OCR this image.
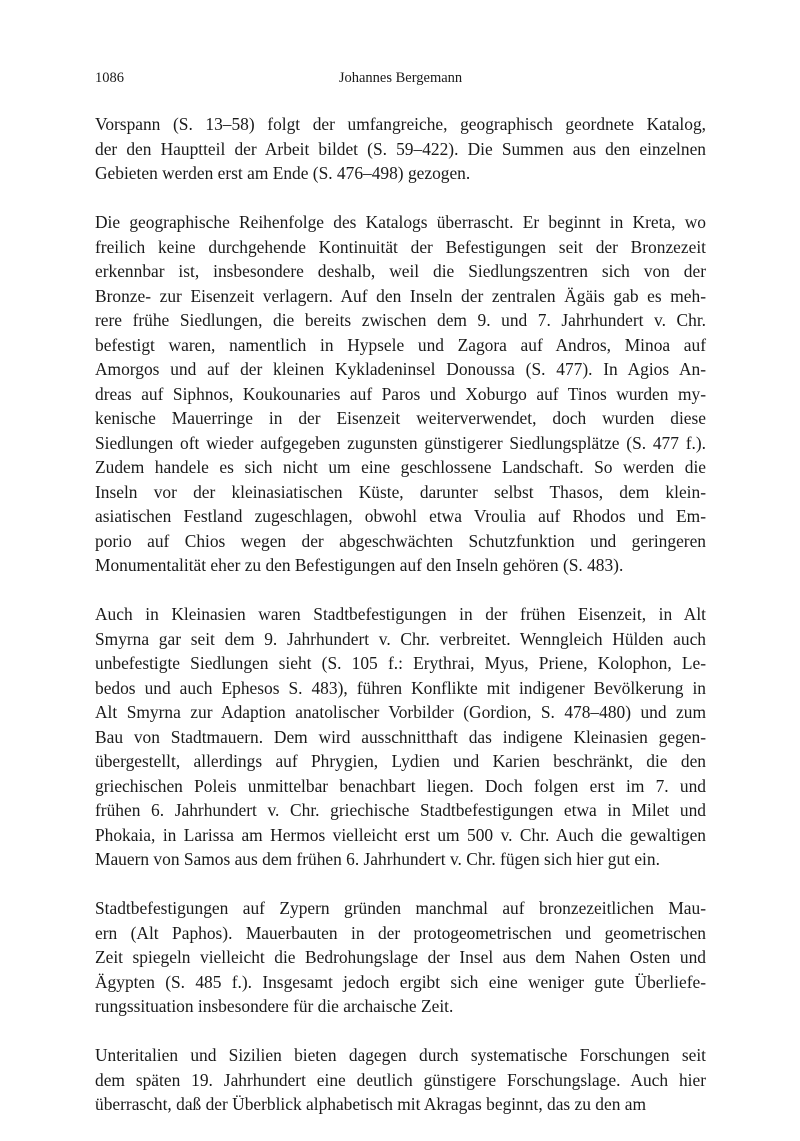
1086	Johannes Bergemann
Vorspann (S. 13–58) folgt der umfangreiche, geographisch geordnete Katalog,
der den Hauptteil der Arbeit bildet (S. 59–422). Die Summen aus den einzelnen
Gebieten werden erst am Ende (S. 476–498) gezogen.
Die geographische Reihenfolge des Katalogs überrascht. Er beginnt in Kreta, wo
freilich keine durchgehende Kontinuität der Befestigungen seit der Bronzezeit
erkennbar ist, insbesondere deshalb, weil die Siedlungszentren sich von der
Bronze- zur Eisenzeit verlagern. Auf den Inseln der zentralen Ägäis gab es meh-
rere frühe Siedlungen, die bereits zwischen dem 9. und 7. Jahrhundert v. Chr.
befestigt waren, namentlich in Hypsele und Zagora auf Andros, Minoa auf
Amorgos und auf der kleinen Kykladeninsel Donoussa (S. 477). In Agios An-
dreas auf Siphnos, Koukounaries auf Paros und Xoburgo auf Tinos wurden my-
kenische Mauerringe in der Eisenzeit weiterverwendet, doch wurden diese
Siedlungen oft wieder aufgegeben zugunsten günstigerer Siedlungsplätze (S. 477 f.).
Zudem handele es sich nicht um eine geschlossene Landschaft. So werden die
Inseln vor der kleinasiatischen Küste, darunter selbst Thasos, dem klein-
asiatischen Festland zugeschlagen, obwohl etwa Vroulia auf Rhodos und Em-
porio auf Chios wegen der abgeschwächten Schutzfunktion und geringeren
Monumentalität eher zu den Befestigungen auf den Inseln gehören (S. 483).
Auch in Kleinasien waren Stadtbefestigungen in der frühen Eisenzeit, in Alt
Smyrna gar seit dem 9. Jahrhundert v. Chr. verbreitet. Wenngleich Hülden auch
unbefestigte Siedlungen sieht (S. 105 f.: Erythrai, Myus, Priene, Kolophon, Le-
bedos und auch Ephesos S. 483), führen Konflikte mit indigener Bevölkerung in
Alt Smyrna zur Adaption anatolischer Vorbilder (Gordion, S. 478–480) und zum
Bau von Stadtmauern. Dem wird ausschnitthaft das indigene Kleinasien gegen-
übergestellt, allerdings auf Phrygien, Lydien und Karien beschränkt, die den
griechischen Poleis unmittelbar benachbart liegen. Doch folgen erst im 7. und
frühen 6. Jahrhundert v. Chr. griechische Stadtbefestigungen etwa in Milet und
Phokaia, in Larissa am Hermos vielleicht erst um 500 v. Chr. Auch die gewaltigen
Mauern von Samos aus dem frühen 6. Jahrhundert v. Chr. fügen sich hier gut ein.
Stadtbefestigungen auf Zypern gründen manchmal auf bronzezeitlichen Mau-
ern (Alt Paphos). Mauerbauten in der protogeometrischen und geometrischen
Zeit spiegeln vielleicht die Bedrohungslage der Insel aus dem Nahen Osten und
Ägypten (S. 485 f.). Insgesamt jedoch ergibt sich eine weniger gute Überliefe-
rungssituation insbesondere für die archaische Zeit.
Unteritalien und Sizilien bieten dagegen durch systematische Forschungen seit
dem späten 19. Jahrhundert eine deutlich günstigere Forschungslage. Auch hier
überrascht, daß der Überblick alphabetisch mit Akragas beginnt, das zu den am
